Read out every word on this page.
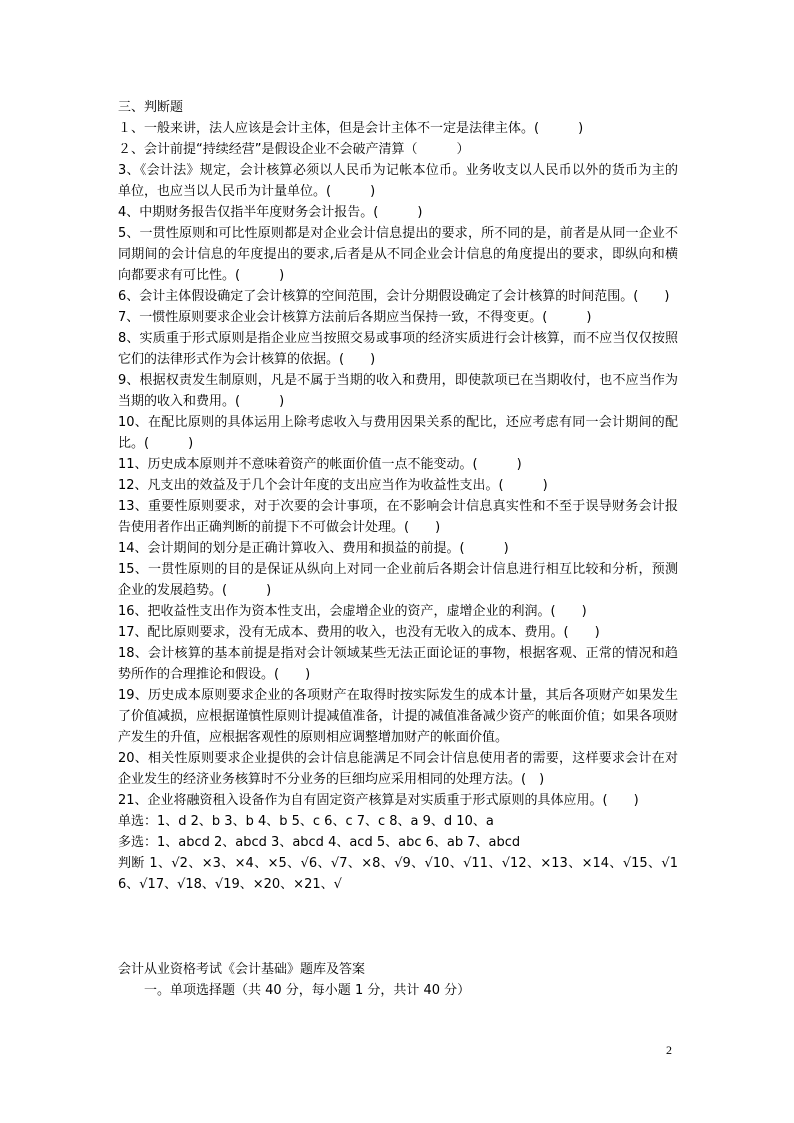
三、判断题

１、一般来讲，法人应该是会计主体，但是会计主体不一定是法律主体。(　　　)

２、会计前提“持续经营”是假设企业不会破产清算（　　　）

3、《会计法》规定，会计核算必须以人民币为记帐本位币。业务收支以人民币以外的货币为主的单位，也应当以人民币为计量单位。(　　　)

4、中期财务报告仅指半年度财务会计报告。(　　　)

5、一贯性原则和可比性原则都是对企业会计信息提出的要求，所不同的是，前者是从同一企业不同期间的会计信息的年度提出的要求,后者是从不同企业会计信息的角度提出的要求，即纵向和横向都要求有可比性。(　　　)

6、会计主体假设确定了会计核算的空间范围，会计分期假设确定了会计核算的时间范围。(　　)

7、一惯性原则要求企业会计核算方法前后各期应当保持一致，不得变更。(　　　)

8、实质重于形式原则是指企业应当按照交易或事项的经济实质进行会计核算，而不应当仅仅按照它们的法律形式作为会计核算的依据。(　　)

9、根据权责发生制原则，凡是不属于当期的收入和费用，即使款项已在当期收付，也不应当作为当期的收入和费用。(　　　)

10、在配比原则的具体运用上除考虑收入与费用因果关系的配比，还应考虑有同一会计期间的配比。(　　　)

11、历史成本原则并不意味着资产的帐面价值一点不能变动。(　　　)

12、凡支出的效益及于几个会计年度的支出应当作为收益性支出。(　　　)

13、重要性原则要求，对于次要的会计事项，在不影响会计信息真实性和不至于误导财务会计报告使用者作出正确判断的前提下不可做会计处理。(　　)

14、会计期间的划分是正确计算收入、费用和损益的前提。(　　　)

15、一贯性原则的目的是保证从纵向上对同一企业前后各期会计信息进行相互比较和分析，预测企业的发展趋势。(　　　)

16、把收益性支出作为资本性支出，会虚增企业的资产，虚增企业的利润。(　　)

17、配比原则要求，没有无成本、费用的收入，也没有无收入的成本、费用。(　　)

18、会计核算的基本前提是指对会计领域某些无法正面论证的事物，根据客观、正常的情况和趋势所作的合理推论和假设。(　　)

19、历史成本原则要求企业的各项财产在取得时按实际发生的成本计量，其后各项财产如果发生了价值减损，应根据谨慎性原则计提减值准备，计提的减值准备减少资产的帐面价值；如果各项财产发生的升值，应根据客观性的原则相应调整增加财产的帐面价值。

20、相关性原则要求企业提供的会计信息能满足不同会计信息使用者的需要，这样要求会计在对企业发生的经济业务核算时不分业务的巨细均应采用相同的处理方法。(　)

21、企业将融资租入设备作为自有固定资产核算是对实质重于形式原则的具体应用。(　　)

单选：1、d 2、b 3、b 4、b 5、c 6、c 7、c 8、a 9、d 10、a

多选：1、abcd 2、abcd 3、abcd 4、acd 5、abc 6、ab 7、abcd

判断 1、√2、×3、×4、×5、√6、√7、×8、√9、√10、√11、√12、×13、×14、√15、√16、√17、√18、√19、×20、×21、√

会计从业资格考试《会计基础》题库及答案

一。单项选择题（共 40 分，每小题 1 分，共计 40 分）

2
